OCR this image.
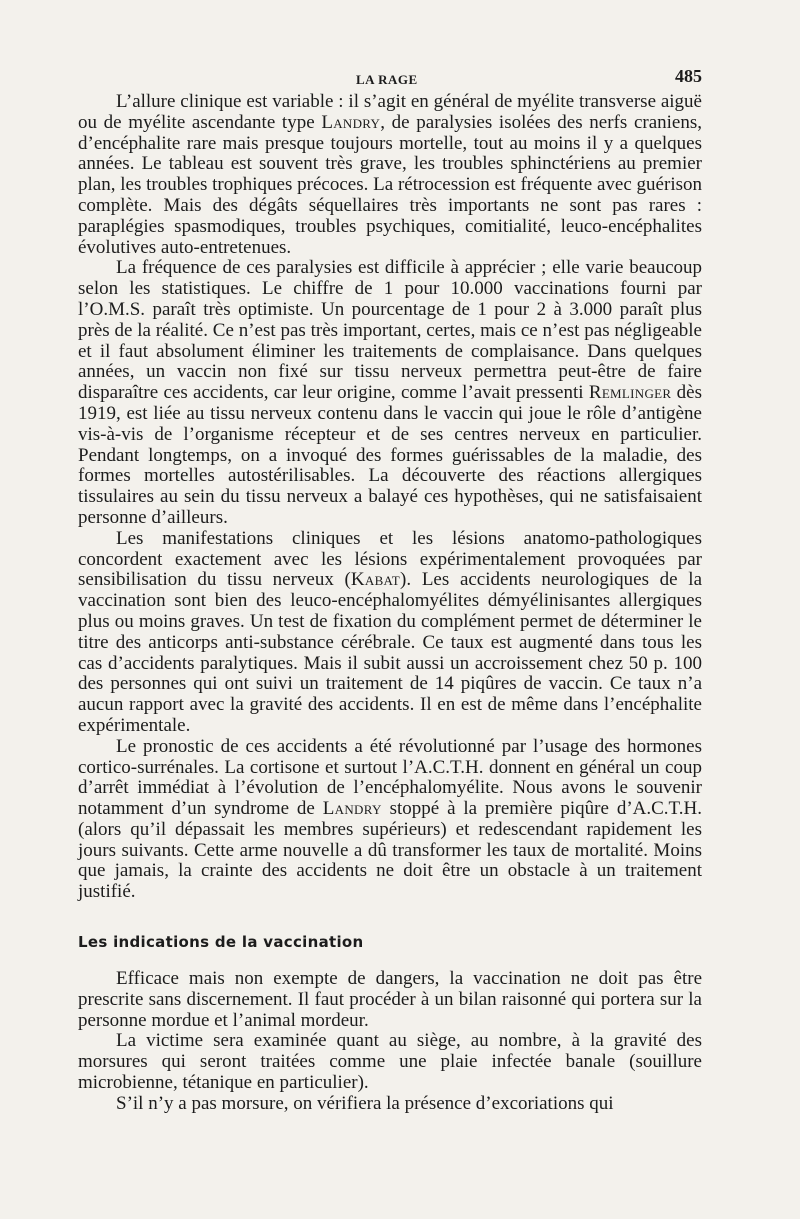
LA RAGE	485

L’allure clinique est variable : il s’agit en général de myélite transverse aiguë ou de myélite ascendante type Landry, de paralysies isolées des nerfs craniens, d’encéphalite rare mais presque toujours mortelle, tout au moins il y a quelques années. Le tableau est souvent très grave, les troubles sphinctériens au premier plan, les troubles trophiques précoces. La rétrocession est fréquente avec guérison complète. Mais des dégâts séquellaires très importants ne sont pas rares : paraplégies spasmodiques, troubles psychiques, comitialité, leuco-encéphalites évolutives auto-entretenues.

La fréquence de ces paralysies est difficile à apprécier ; elle varie beaucoup selon les statistiques. Le chiffre de 1 pour 10.000 vaccinations fourni par l’O.M.S. paraît très optimiste. Un pourcentage de 1 pour 2 à 3.000 paraît plus près de la réalité. Ce n’est pas très important, certes, mais ce n’est pas négligeable et il faut absolument éliminer les traitements de complaisance. Dans quelques années, un vaccin non fixé sur tissu nerveux permettra peut-être de faire disparaître ces accidents, car leur origine, comme l’avait pressenti Remlinger dès 1919, est liée au tissu nerveux contenu dans le vaccin qui joue le rôle d’antigène vis-à-vis de l’organisme récepteur et de ses centres nerveux en particulier. Pendant longtemps, on a invoqué des formes guérissables de la maladie, des formes mortelles autostérilisables. La découverte des réactions allergiques tissulaires au sein du tissu nerveux a balayé ces hypothèses, qui ne satisfaisaient personne d’ailleurs.

Les manifestations cliniques et les lésions anatomo-pathologiques concordent exactement avec les lésions expérimentalement provoquées par sensibilisation du tissu nerveux (Kabat). Les accidents neurologiques de la vaccination sont bien des leuco-encéphalomyélites démyélinisantes allergiques plus ou moins graves. Un test de fixation du complément permet de déterminer le titre des anticorps anti-substance cérébrale. Ce taux est augmenté dans tous les cas d’accidents paralytiques. Mais il subit aussi un accroissement chez 50 p. 100 des personnes qui ont suivi un traitement de 14 piqûres de vaccin. Ce taux n’a aucun rapport avec la gravité des accidents. Il en est de même dans l’encéphalite expérimentale.

Le pronostic de ces accidents a été révolutionné par l’usage des hormones cortico-surrénales. La cortisone et surtout l’A.C.T.H. donnent en général un coup d’arrêt immédiat à l’évolution de l’encéphalomyélite. Nous avons le souvenir notamment d’un syndrome de Landry stoppé à la première piqûre d’A.C.T.H. (alors qu’il dépassait les membres supérieurs) et redescendant rapidement les jours suivants. Cette arme nouvelle a dû transformer les taux de mortalité. Moins que jamais, la crainte des accidents ne doit être un obstacle à un traitement justifié.

Les indications de la vaccination

Efficace mais non exempte de dangers, la vaccination ne doit pas être prescrite sans discernement. Il faut procéder à un bilan raisonné qui portera sur la personne mordue et l’animal mordeur.

La victime sera examinée quant au siège, au nombre, à la gravité des morsures qui seront traitées comme une plaie infectée banale (souillure microbienne, tétanique en particulier).

S’il n’y a pas morsure, on vérifiera la présence d’excoriations qui
